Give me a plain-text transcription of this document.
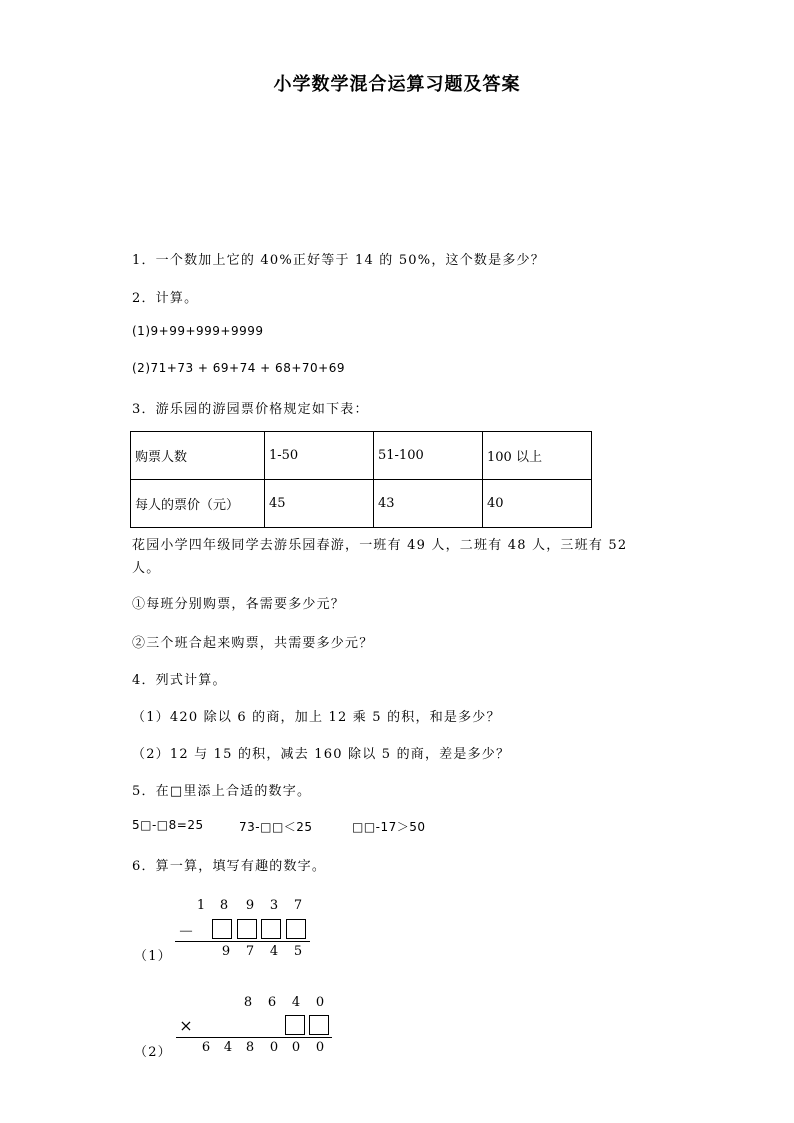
小学数学混合运算习题及答案
1．一个数加上它的 40%正好等于 14 的 50%，这个数是多少？
2．计算。
(1)9+99+999+9999
(2)71+73 + 69+74 + 68+70+69
3．游乐园的游园票价格规定如下表：
购票人数	1-50	51-100	100 以上
每人的票价（元）	45	43	40
花园小学四年级同学去游乐园春游，一班有 49 人，二班有 48 人，三班有 52
人。
①每班分别购票，各需要多少元？
②三个班合起来购票，共需要多少元？
4．列式计算。
（1）420 除以 6 的商，加上 12 乘 5 的积，和是多少？
（2）12 与 15 的积，减去 160 除以 5 的商，差是多少？
5．在□里添上合适的数字。
5□-□8=25	73-□□＜25	□□-17＞50
6．算一算，填写有趣的数字。
1 8 9 3 7
－
（1）	9 7 4 5
8 6 4 0
×
（2） 6 4 8 0 0 0
